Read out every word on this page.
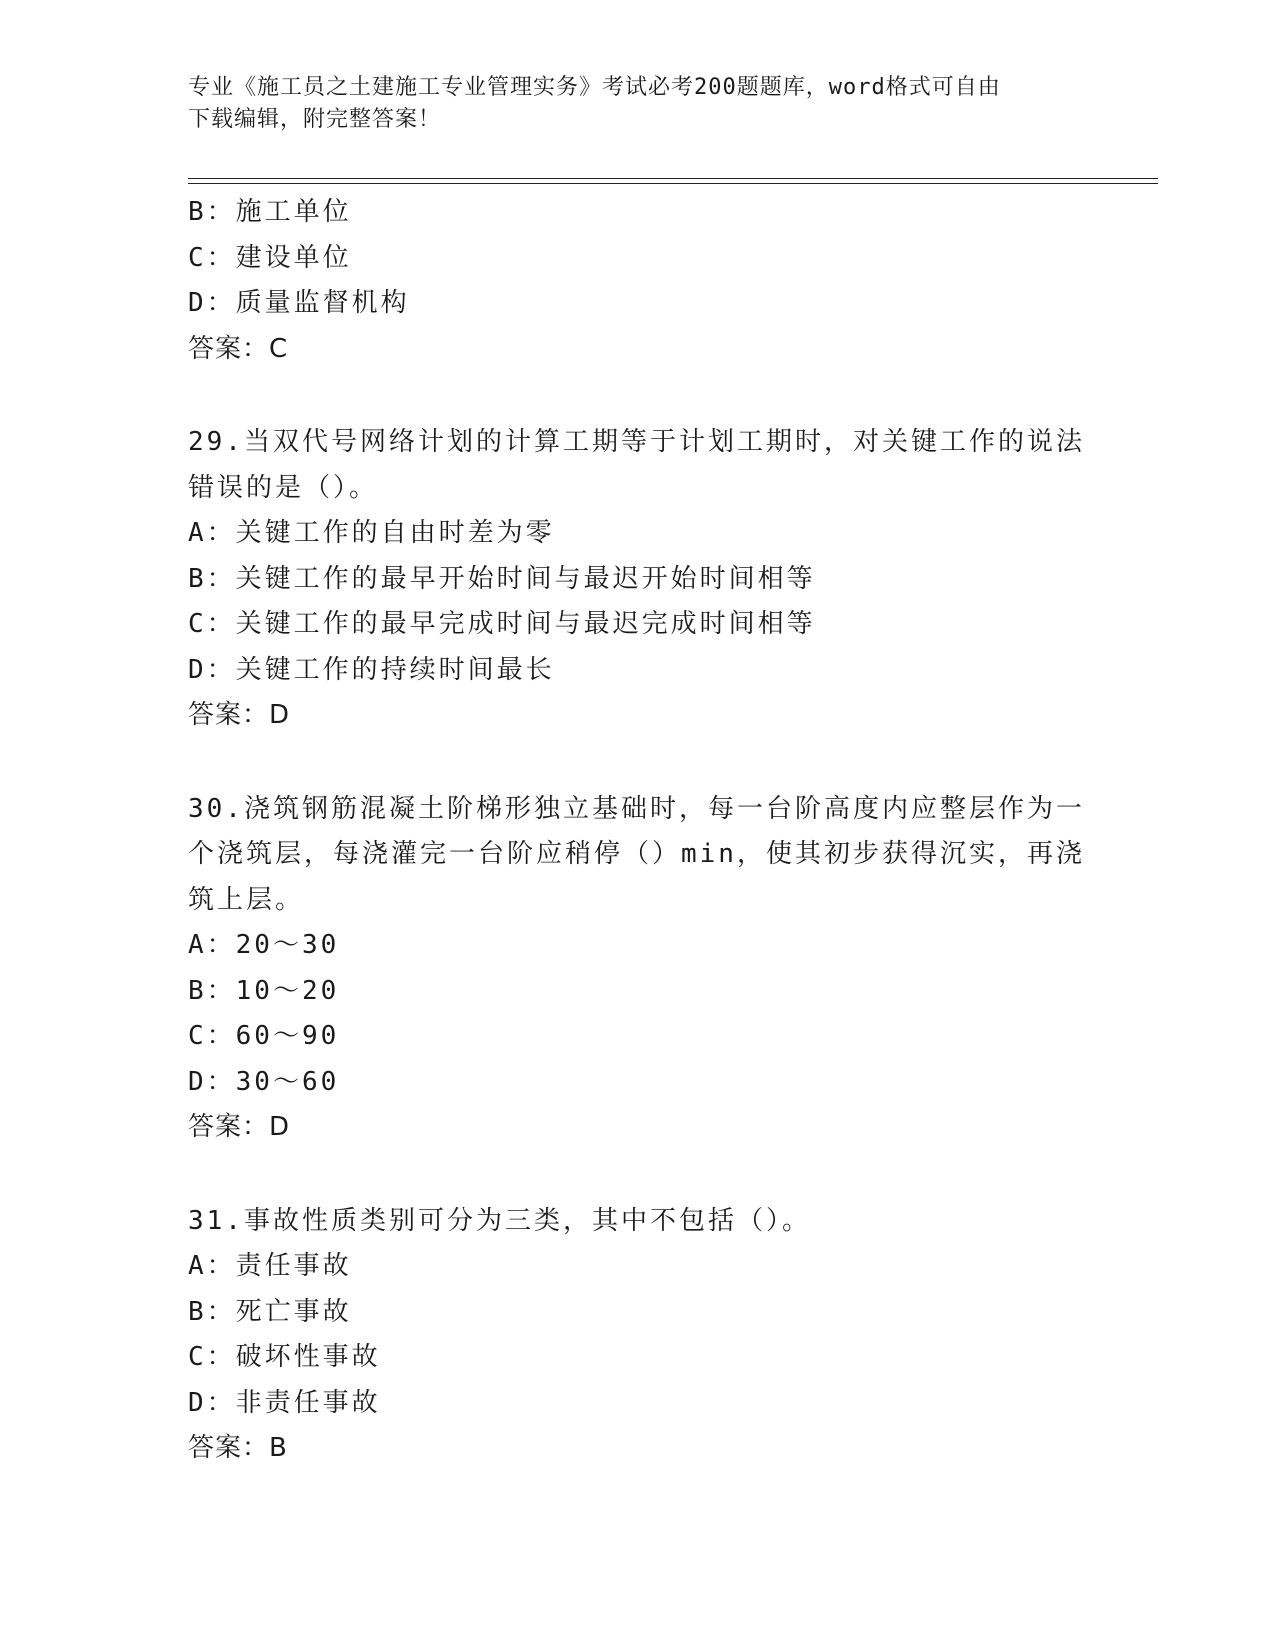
专业《施工员之土建施工专业管理实务》考试必考200题题库，word格式可自由
下载编辑，附完整答案！
B：施工单位
C：建设单位
D：质量监督机构
答案：C
29.当双代号网络计划的计算工期等于计划工期时，对关键工作的说法
错误的是（）。
A：关键工作的自由时差为零
B：关键工作的最早开始时间与最迟开始时间相等
C：关键工作的最早完成时间与最迟完成时间相等
D：关键工作的持续时间最长
答案：D
30.浇筑钢筋混凝土阶梯形独立基础时，每一台阶高度内应整层作为一
个浇筑层，每浇灌完一台阶应稍停（）min，使其初步获得沉实，再浇
筑上层。
A：20～30
B：10～20
C：60～90
D：30～60
答案：D
31.事故性质类别可分为三类，其中不包括（）。
A：责任事故
B：死亡事故
C：破坏性事故
D：非责任事故
答案：B
